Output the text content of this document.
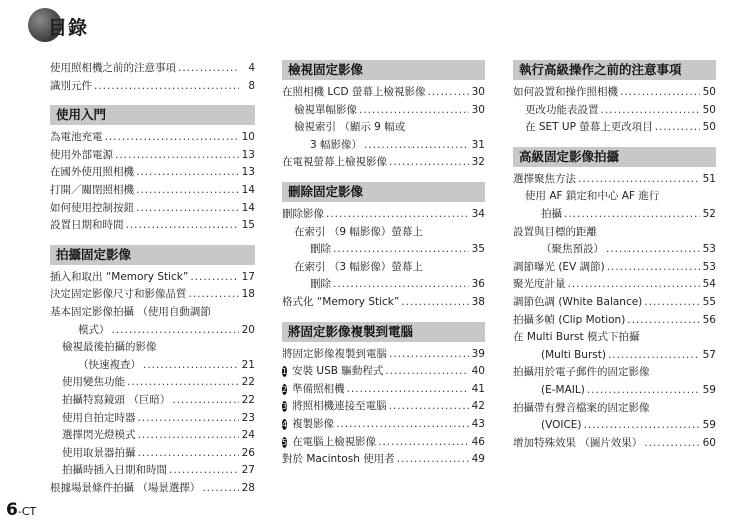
目錄
使用照相機之前的注意事項 .....	4
識別元件 .....	8
使用入門
為電池充電 .....	10
使用外部電源 .....	13
在國外使用照相機 .....	13
打開／關閉照相機 .....	14
如何使用控制按鈕 .....	14
設置日期和時間 .....	15
拍攝固定影像
插入和取出 “Memory Stick” .....	17
決定固定影像尺寸和影像品質 .....	18
基本固定影像拍攝 （使用自動調節
模式） .....	20
檢視最後拍攝的影像
（快速複查） .....	21
使用變焦功能 .....	22
拍攝特寫鏡頭 （巨暗） .....	22
使用自拍定時器 .....	23
選擇閃光燈模式 .....	24
使用取景器拍攝 .....	26
拍攝時插入日期和時間 .....	27
根據場景條件拍攝 （場景選擇） .....	28
檢視固定影像
在照相機 LCD 螢幕上檢視影像 .....	30
檢視單幅影像 .....	30
檢視索引 （顯示 9 幅或
3 幅影像） .....	31
在電視螢幕上檢視影像 .....	32
刪除固定影像
刪除影像 .....	34
在索引 （9 幅影像）螢幕上
刪除 .....	35
在索引 （3 幅影像）螢幕上
刪除 .....	36
格式化 “Memory Stick” .....	38
將固定影像複製到電腦
將固定影像複製到電腦 .....	39
1 安裝 USB 驅動程式 .....	40
2 準備照相機 .....	41
3 將照相機連接至電腦 .....	42
4 複製影像 .....	43
5 在電腦上檢視影像 .....	46
對於 Macintosh 使用者 .....	49
執行高級操作之前的注意事項
如何設置和操作照相機 .....	50
更改功能表設置 .....	50
在 SET UP 螢幕上更改項目 .....	50
高級固定影像拍攝
選擇聚焦方法 .....	51
使用 AF 鎖定和中心 AF 進行
拍攝 .....	52
設置與目標的距離
（聚焦預設） .....	53
調節曝光 (EV 調節) .....	53
聚光度計量 .....	54
調節色調 (White Balance) .....	55
拍攝多幀 (Clip Motion) .....	56
在 Multi Burst 模式下拍攝
(Multi Burst) .....	57
拍攝用於電子郵件的固定影像
(E-MAIL) .....	59
拍攝帶有聲音檔案的固定影像
(VOICE) .....	59
增加特殊效果 （圖片效果） .....	60
6-CT
